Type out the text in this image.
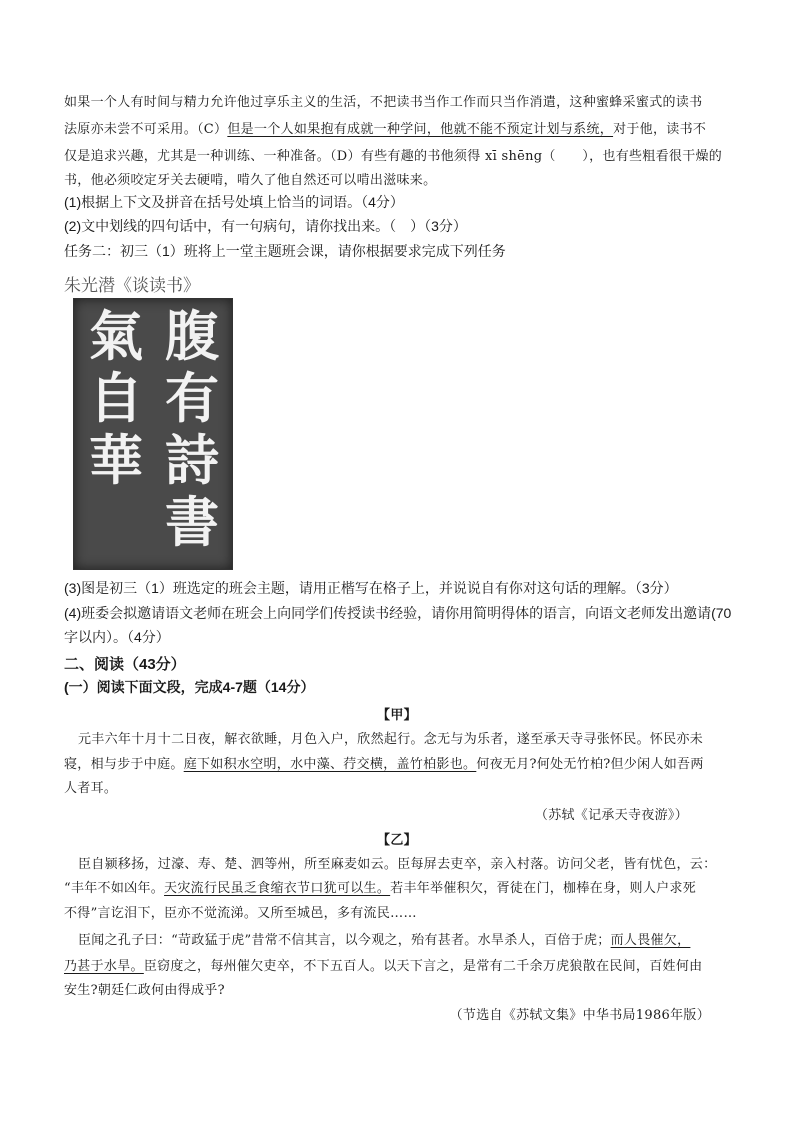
如果一个人有时间与精力允许他过享乐主义的生活，不把读书当作工作而只当作消遣，这种蜜蜂采蜜式的读书
法原亦未尝不可采用。（C）但是一个人如果抱有成就一种学问，他就不能不预定计划与系统，对于他，读书不
仅是追求兴趣，尤其是一种训练、一种准备。（D）有些有趣的书他须得 xī shēng（　　），也有些粗看很干燥的
书，他必须咬定牙关去硬啃，啃久了他自然还可以啃出滋味来。
(1)根据上下文及拼音在括号处填上恰当的词语。（4分）
(2)文中划线的四句话中，有一句病句，请你找出来。（　）（3分）
任务二：初三（1）班将上一堂主题班会课，请你根据要求完成下列任务
朱光潜《谈读书》
腹
有
詩
書
氣
自
華
(3)图是初三（1）班选定的班会主题，请用正楷写在格子上，并说说自有你对这句话的理解。（3分）
(4)班委会拟邀请语文老师在班会上向同学们传授读书经验，请你用简明得体的语言，向语文老师发出邀请(70
字以内）。（4分）
二、阅读（43分）
(一）阅读下面文段，完成4-7题（14分）
【甲】
元丰六年十月十二日夜，解衣欲睡，月色入户，欣然起行。念无与为乐者，遂至承天寺寻张怀民。怀民亦未
寝，相与步于中庭。庭下如积水空明，水中藻、荇交横，盖竹柏影也。何夜无月?何处无竹柏?但少闲人如吾两
人者耳。
（苏轼《记承天寺夜游》）
【乙】
臣自颍移扬，过濠、寿、楚、泗等州，所至麻麦如云。臣每屏去吏卒，亲入村落。访问父老，皆有忧色，云：
“丰年不如凶年。天灾流行民虽乏食缩衣节口犹可以生。若丰年举催积欠，胥徒在门，枷棒在身，则人户求死
不得”言讫泪下，臣亦不觉流涕。又所至城邑，多有流民……
臣闻之孔子曰：“苛政猛于虎”昔常不信其言，以今观之，殆有甚者。水旱杀人，百倍于虎；而人畏催欠，
乃甚于水旱。臣窃度之，每州催欠吏卒，不下五百人。以天下言之，是常有二千余万虎狼散在民间，百姓何由
安生?朝廷仁政何由得成乎?
（节选自《苏轼文集》中华书局1986年版）
